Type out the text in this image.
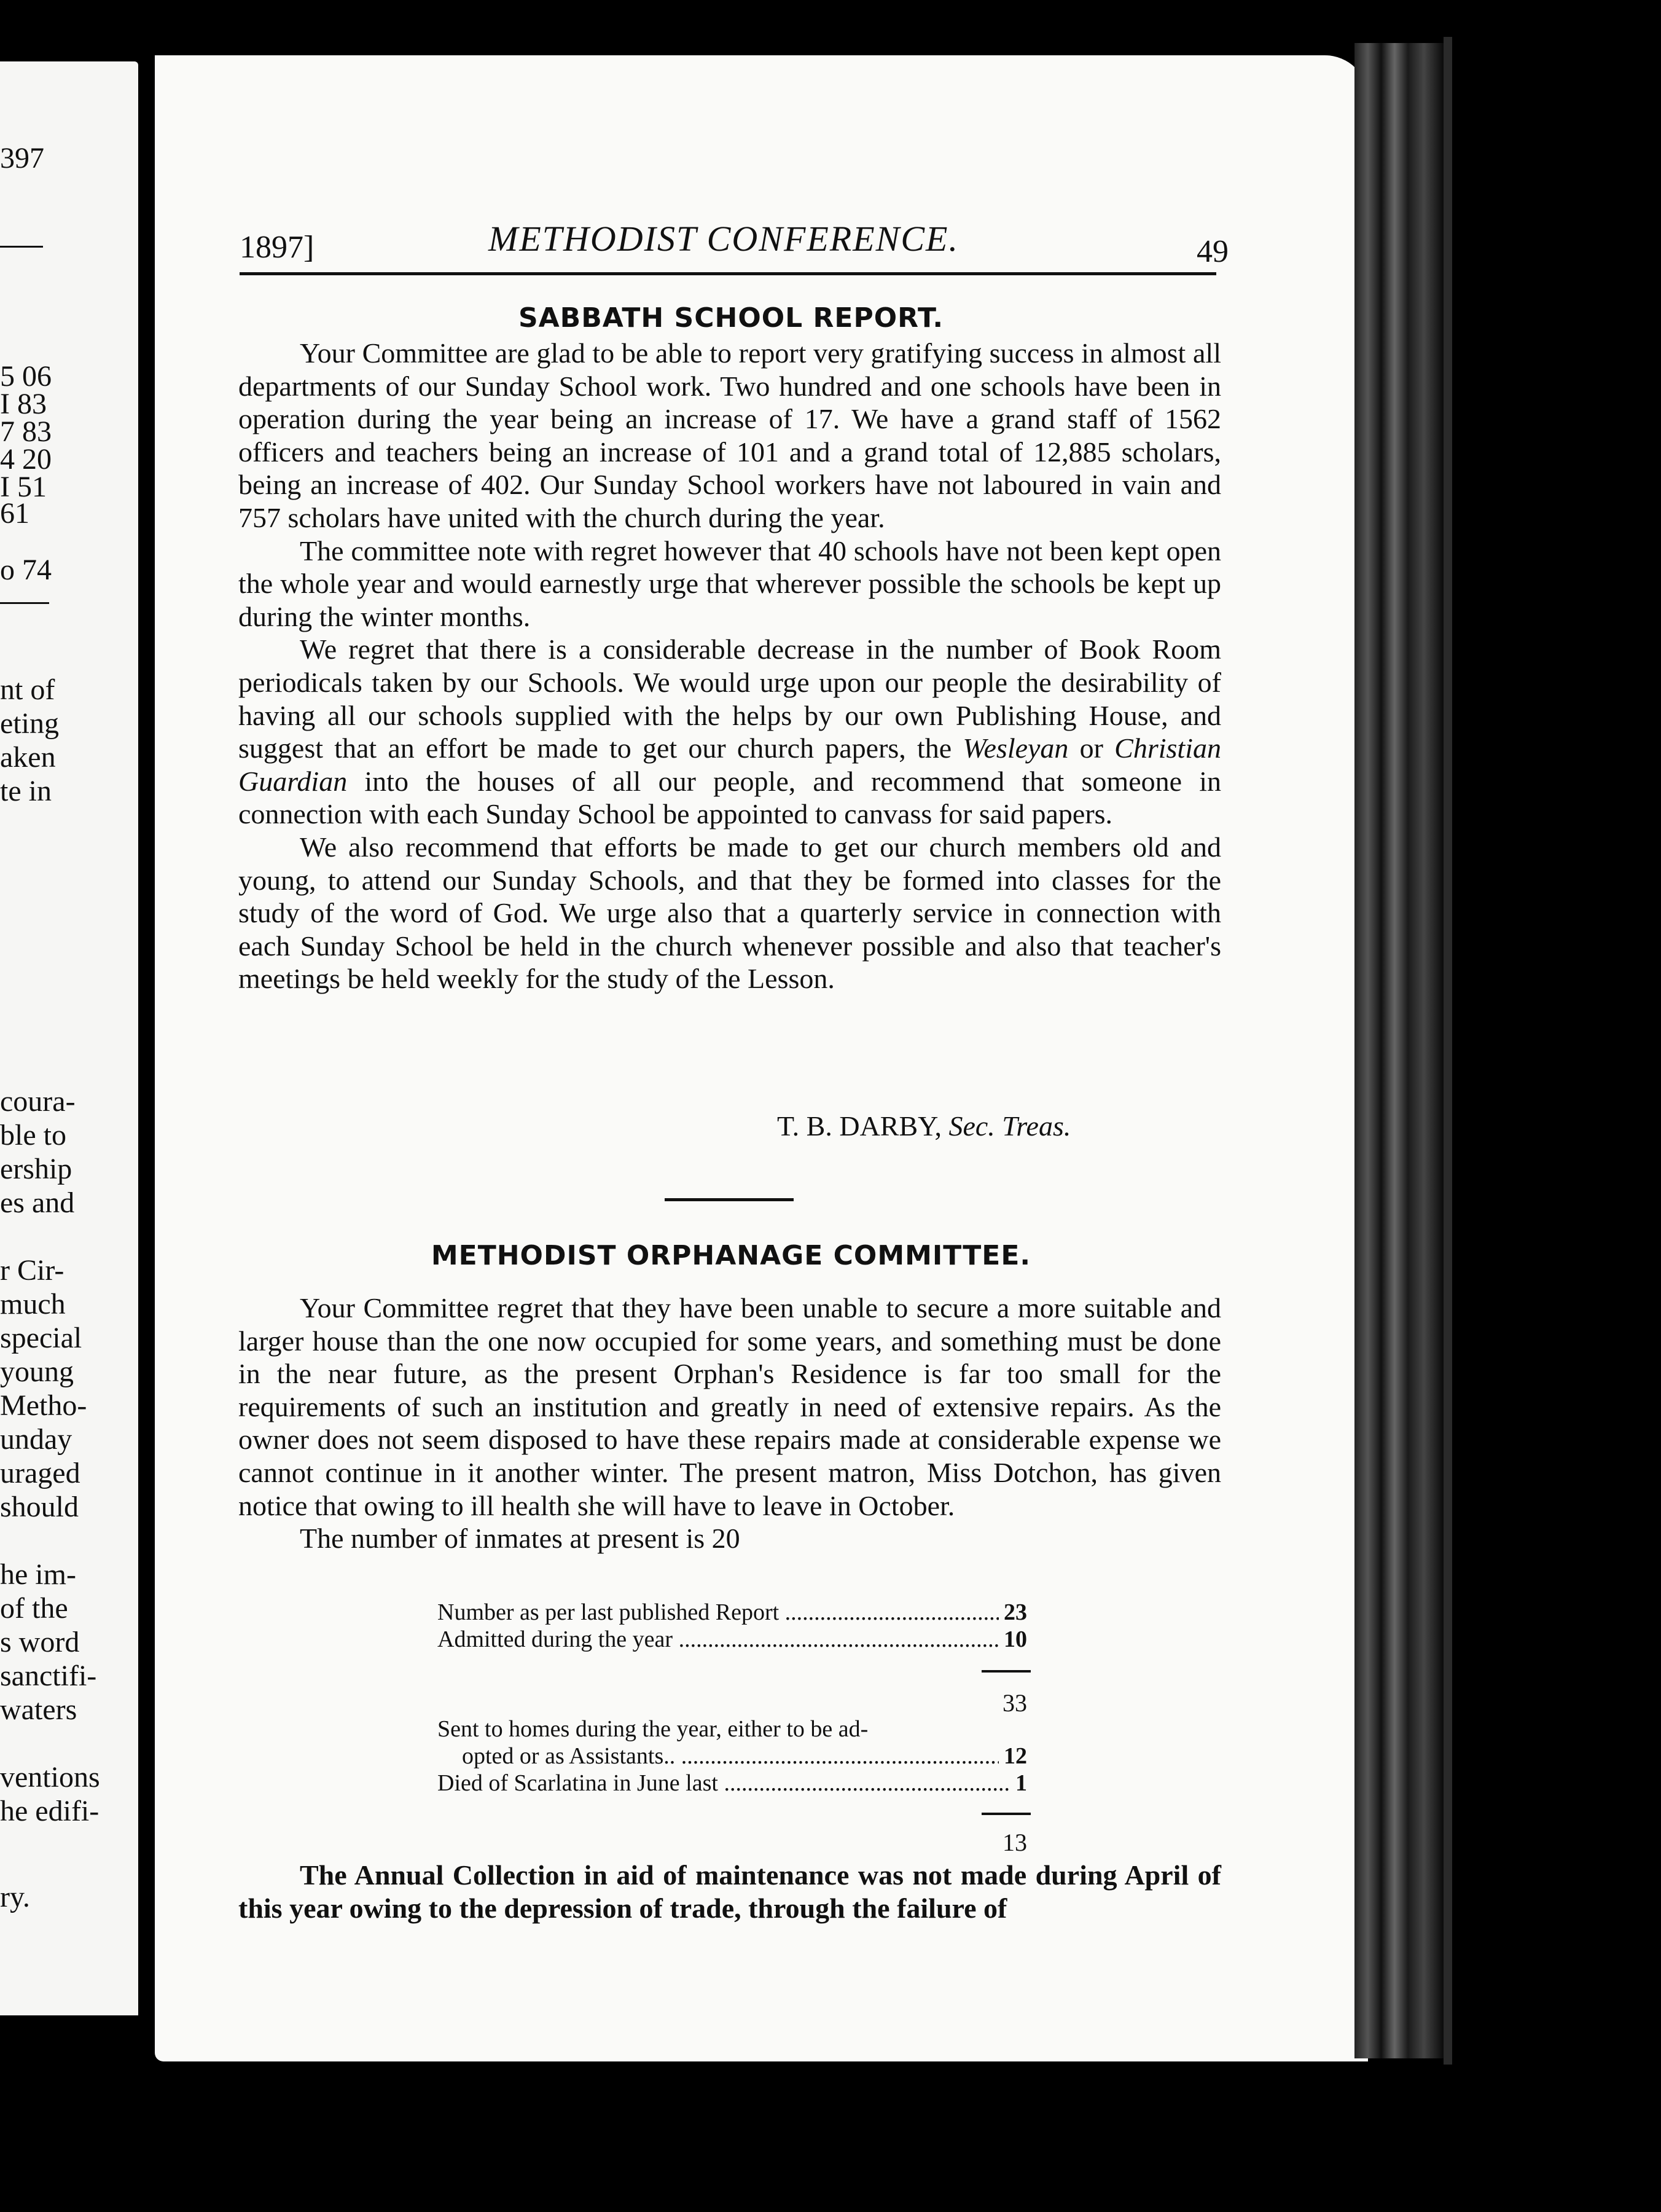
397
5 06
I 83
7 83
4 20
I 51
61
o 74
nt of
eting
aken
te in
coura-
ble to
ership
es and
r Cir-
much
special
young
Metho-
unday
uraged
should
he im-
of the
s word
sanctifi-
waters
ventions
he edifi-
ry.
1897]	METHODIST CONFERENCE.	49
SABBATH SCHOOL REPORT.

Your Committee are glad to be able to report very gratifying success in almost all departments of our Sunday School work. Two hundred and one schools have been in operation during the year being an increase of 17. We have a grand staff of 1562 officers and teachers being an increase of 101 and a grand total of 12,885 scholars, being an increase of 402. Our Sunday School workers have not laboured in vain and 757 scholars have united with the church during the year.

The committee note with regret however that 40 schools have not been kept open the whole year and would earnestly urge that wherever possible the schools be kept up during the winter months.

We regret that there is a considerable decrease in the number of Book Room periodicals taken by our Schools. We would urge upon our people the desirability of having all our schools supplied with the helps by our own Publishing House, and suggest that an effort be made to get our church papers, the Wesleyan or Christian Guardian into the houses of all our people, and recommend that someone in connection with each Sunday School be appointed to canvass for said papers.

We also recommend that efforts be made to get our church members old and young, to attend our Sunday Schools, and that they be formed into classes for the study of the word of God. We urge also that a quarterly service in connection with each Sunday School be held in the church whenever possible and also that teacher's meetings be held weekly for the study of the Lesson.

T. B. DARBY, Sec. Treas.
METHODIST ORPHANAGE COMMITTEE.

Your Committee regret that they have been unable to secure a more suitable and larger house than the one now occupied for some years, and something must be done in the near future, as the present Orphan's Residence is far too small for the requirements of such an institution and greatly in need of extensive repairs. As the owner does not seem disposed to have these repairs made at considerable expense we cannot continue in it another winter. The present matron, Miss Dotchon, has given notice that owing to ill health she will have to leave in October.

The number of inmates at present is 20

Number as per last published Report .....	23
Admitted during the year .....	10
33
Sent to homes during the year, either to be ad-
opted or as Assistants.. .....	12
Died of Scarlatina in June last .....	1
13

The Annual Collection in aid of maintenance was not made during April of this year owing to the depression of trade, through the failure of
